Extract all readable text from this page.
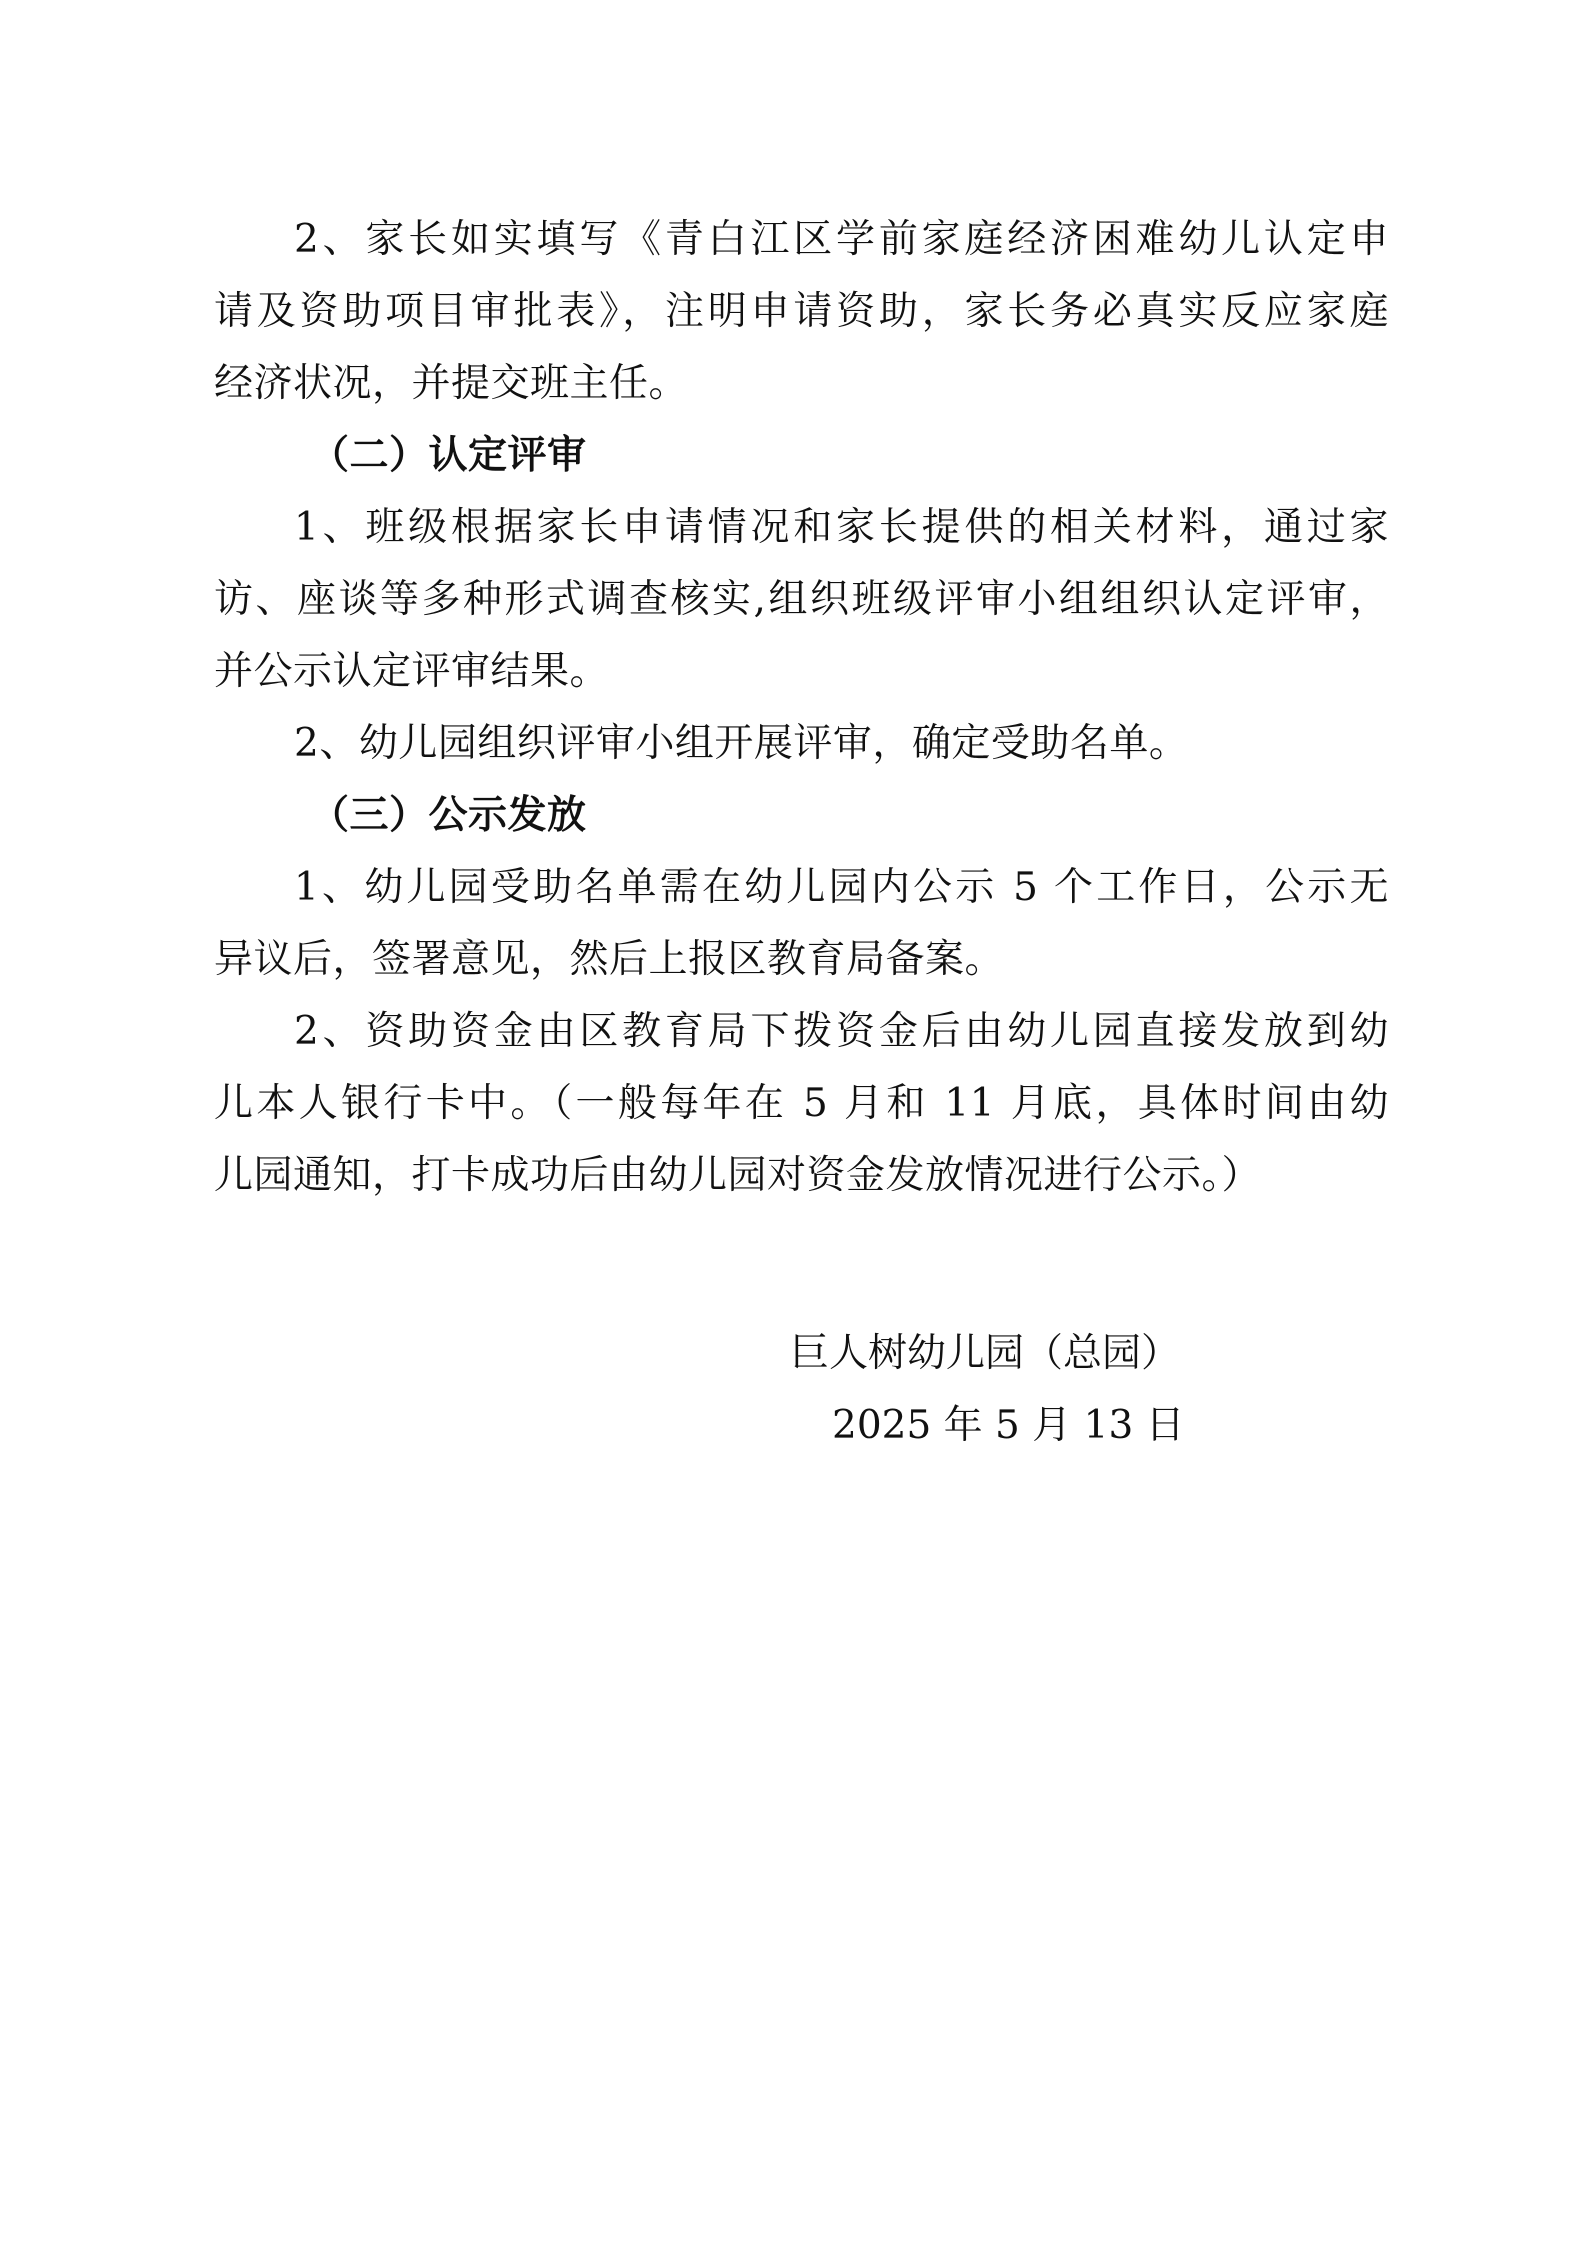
2、家长如实填写《青白江区学前家庭经济困难幼儿认定申
请及资助项目审批表》，注明申请资助，家长务必真实反应家庭
经济状况，并提交班主任。
（二）认定评审
1、班级根据家长申请情况和家长提供的相关材料，通过家
访、座谈等多种形式调查核实,组织班级评审小组组织认定评审，
并公示认定评审结果。
2、幼儿园组织评审小组开展评审，确定受助名单。
（三）公示发放
1、幼儿园受助名单需在幼儿园内公示 5 个工作日，公示无
异议后，签署意见，然后上报区教育局备案。
2、资助资金由区教育局下拨资金后由幼儿园直接发放到幼
儿本人银行卡中。（一般每年在 5 月和 11 月底，具体时间由幼
儿园通知，打卡成功后由幼儿园对资金发放情况进行公示。）
巨人树幼儿园（总园）
2025 年 5 月 13 日
